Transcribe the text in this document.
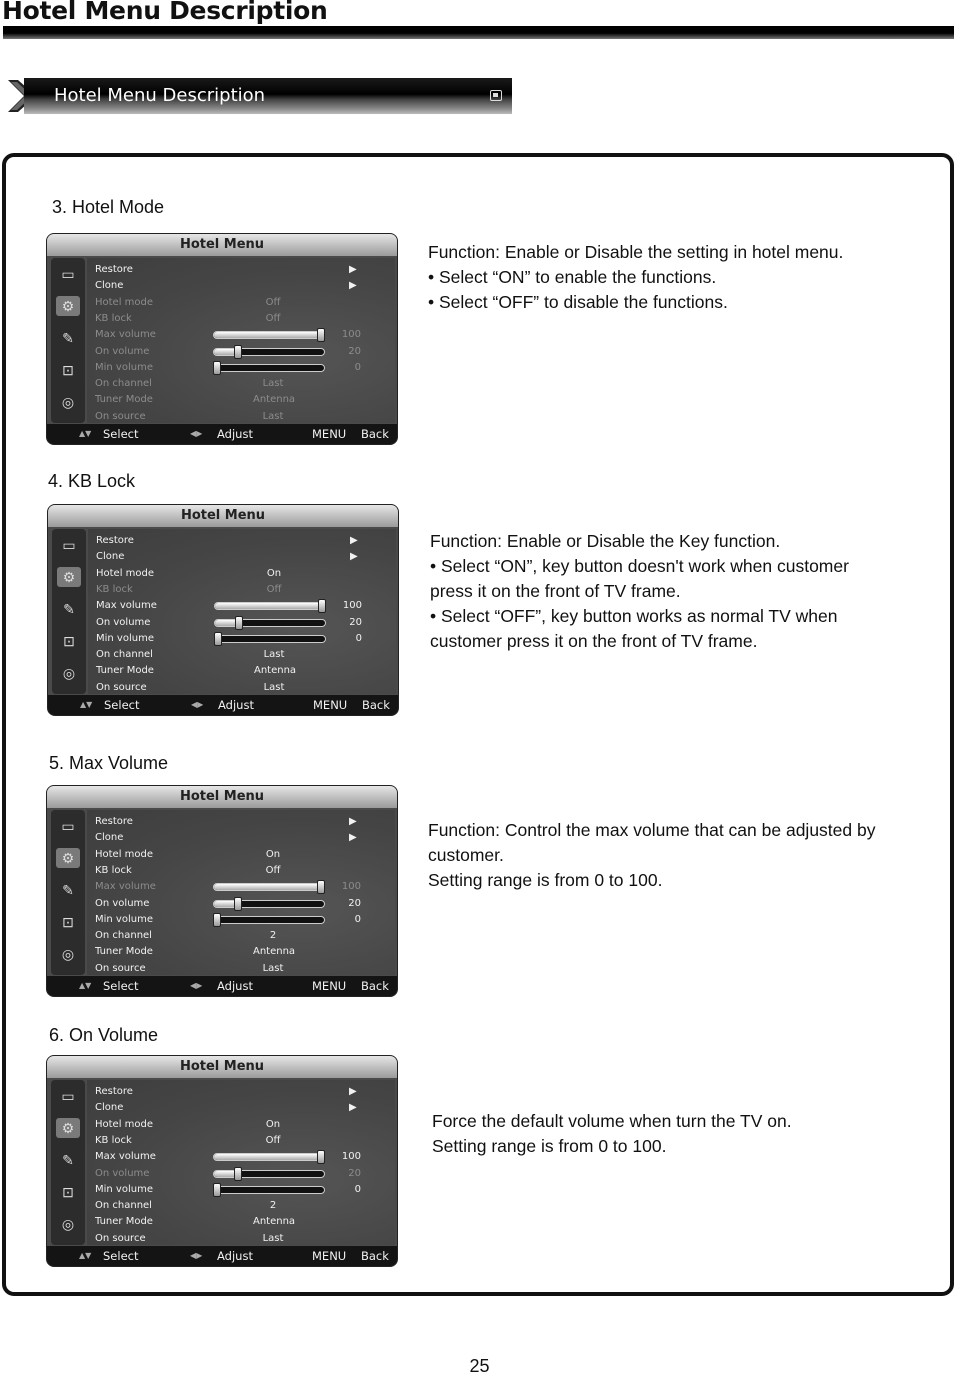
Hotel Menu Description
Hotel Menu Description
3. Hotel Mode
Hotel Menu
▭
⚙
✎
⊡
◎
Restore	▶
Clone	▶
Hotel mode	Off
KB lock	Off
Max volume	100
On volume	20
Min volume	0
On channel	Last
Tuner Mode	Antenna
On source	Last
▲▼ Select	◀▶ Adjust	MENU Back
Function: Enable or Disable the setting in hotel menu.
• Select “ON” to enable the functions.
• Select “OFF” to disable the functions.
4. KB Lock
Hotel Menu
▭
⚙
✎
⊡
◎
Restore	▶
Clone	▶
Hotel mode	On
KB lock	Off
Max volume	100
On volume	20
Min volume	0
On channel	Last
Tuner Mode	Antenna
On source	Last
▲▼ Select	◀▶ Adjust	MENU Back
Function: Enable or Disable the Key function.
• Select “ON”, key button doesn't work when customer
press it on the front of TV frame.
• Select “OFF”, key button works as normal TV when
customer press it on the front of TV frame.
5. Max Volume
Hotel Menu
▭
⚙
✎
⊡
◎
Restore	▶
Clone	▶
Hotel mode	On
KB lock	Off
Max volume	100
On volume	20
Min volume	0
On channel	2
Tuner Mode	Antenna
On source	Last
▲▼ Select	◀▶ Adjust	MENU Back
Function: Control the max volume that can be adjusted by
customer.
Setting range is from 0 to 100.
6. On Volume
Hotel Menu
▭
⚙
✎
⊡
◎
Restore	▶
Clone	▶
Hotel mode	On
KB lock	Off
Max volume	100
On volume	20
Min volume	0
On channel	2
Tuner Mode	Antenna
On source	Last
▲▼ Select	◀▶ Adjust	MENU Back
Force the default volume when turn the TV on.
Setting range is from 0 to 100.
25
